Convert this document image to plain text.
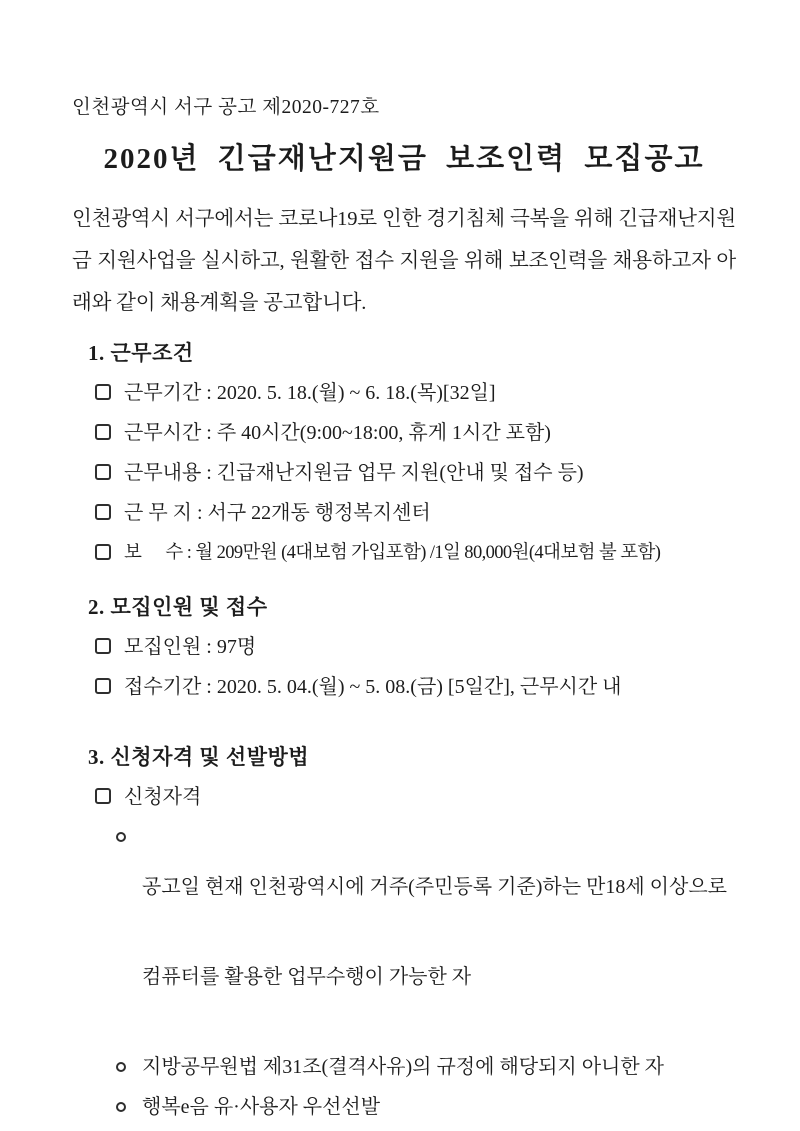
인천광역시 서구 공고 제2020-727호
2020년 긴급재난지원금 보조인력 모집공고

인천광역시 서구에서는 코로나19로 인한 경기침체 극복을 위해 긴급재난지원금 지원사업을 실시하고, 원활한 접수 지원을 위해 보조인력을 채용하고자 아래와 같이 채용계획을 공고합니다.

1. 근무조건
근무기간 : 2020. 5. 18.(월) ~ 6. 18.(목)[32일]
근무시간 : 주 40시간(9:00~18:00, 휴게 1시간 포함)
근무내용 : 긴급재난지원금 업무 지원(안내 및 접수 등)
근 무 지 : 서구 22개동 행정복지센터
보      수 : 월 209만원 (4대보험 가입포함) /1일 80,000원(4대보험 불 포함)
2. 모집인원 및 접수
모집인원 : 97명
접수기간 : 2020. 5. 04.(월) ~ 5. 08.(금) [5일간], 근무시간 내
3. 신청자격 및 선발방법
신청자격

공고일 현재 인천광역시에 거주(주민등록 기준)하는 만18세 이상으로

컴퓨터를 활용한 업무수행이 가능한 자

지방공무원법 제31조(결격사유)의 규정에 해당되지 아니한 자
행복e음 유·사용자 우선선발
